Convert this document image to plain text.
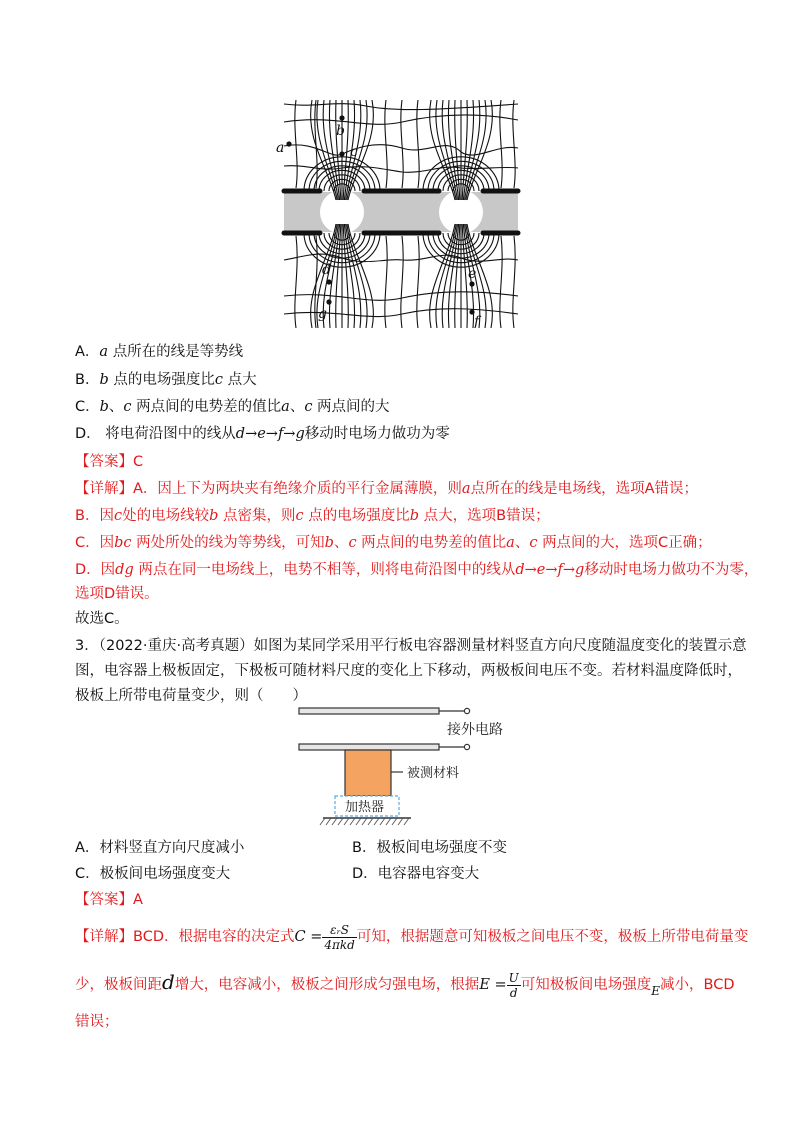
b
a	c
d	e
g	f
A．a 点所在的线是等势线
B．b 点的电场强度比c 点大
C．b、c 两点间的电势差的值比a、c 两点间的大
D． 将电荷沿图中的线从d→e→f→g移动时电场力做功为零
【答案】C
【详解】A．因上下为两块夹有绝缘介质的平行金属薄膜，则a点所在的线是电场线，选项A错误；
B．因c处的电场线较b 点密集，则c 点的电场强度比b 点大，选项B错误；
C．因bc 两处所处的线为等势线，可知b、c 两点间的电势差的值比a、c 两点间的大，选项C正确；
D．因dg 两点在同一电场线上，电势不相等，则将电荷沿图中的线从d→e→f→g移动时电场力做功不为零，
选项D错误。
故选C。
3．（2022·重庆·高考真题）如图为某同学采用平行板电容器测量材料竖直方向尺度随温度变化的装置示意
图，电容器上极板固定，下极板可随材料尺度的变化上下移动，两极板间电压不变。若材料温度降低时，
极板上所带电荷量变少，则（　　）
接外电路
被测材料
加热器
A．材料竖直方向尺度减小	B．极板间电场强度不变
C．极板间电场强度变大	D．电容器电容变大
【答案】A
【详解】BCD．根据电容的决定式$C = \frac{\text{εᵣS}}{\text{4πkd}}$ 可知，根据题意可知极板之间电压不变，极板上所带电荷量变
少，极板间距d增大，电容减小，极板之间形成匀强电场，根据$E = \frac{U}{d}$ 可知极板间电场强度$_E$减小，BCD
错误；
